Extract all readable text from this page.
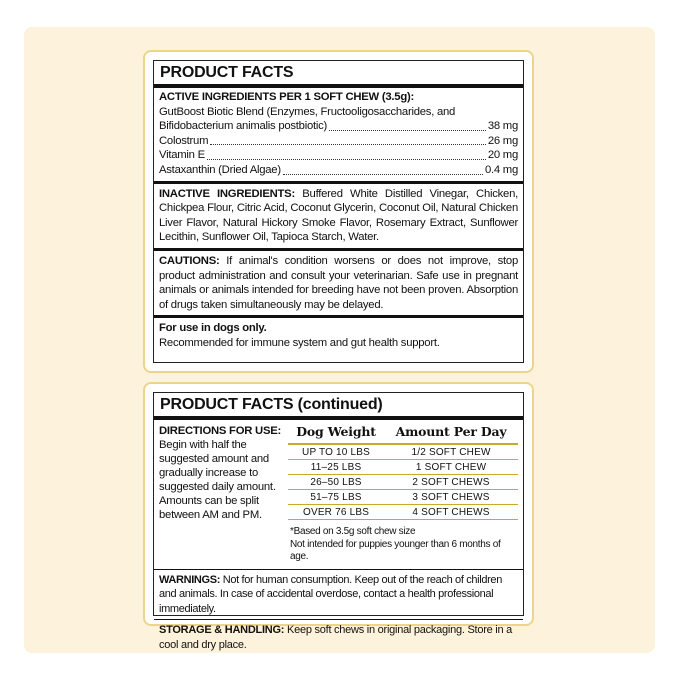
PRODUCT FACTS
ACTIVE INGREDIENTS PER 1 SOFT CHEW (3.5g):
GutBoost Biotic Blend (Enzymes, Fructooligosaccharides, and
Bifidobacterium animalis postbiotic)	38 mg
Colostrum	26 mg
Vitamin E	20 mg
Astaxanthin (Dried Algae)	0.4 mg
INACTIVE INGREDIENTS: Buffered White Distilled Vinegar, Chicken, Chickpea Flour, Citric Acid, Coconut Glycerin, Coconut Oil, Natural Chicken Liver Flavor, Natural Hickory Smoke Flavor, Rosemary Extract, Sunflower Lecithin, Sunflower Oil, Tapioca Starch, Water.
CAUTIONS: If animal's condition worsens or does not improve, stop product administration and consult your veterinarian. Safe use in pregnant animals or animals intended for breeding have not been proven. Absorption of drugs taken simultaneously may be delayed.
For use in dogs only.
Recommended for immune system and gut health support.
PRODUCT FACTS (continued)
DIRECTIONS FOR USE:
Begin with half the suggested amount and gradually increase to suggested daily amount. Amounts can be split between AM and PM.
Dog Weight	Amount Per Day
UP TO 10 LBS	1/2 SOFT CHEW
11–25 LBS	1 SOFT CHEW
26–50 LBS	2 SOFT CHEWS
51–75 LBS	3 SOFT CHEWS
OVER 76 LBS	4 SOFT CHEWS
*Based on 3.5g soft chew size
Not intended for puppies younger than 6 months of age.
WARNINGS: Not for human consumption. Keep out of the reach of children and animals. In case of accidental overdose, contact a health professional immediately.
STORAGE & HANDLING: Keep soft chews in original packaging. Store in a cool and dry place.
